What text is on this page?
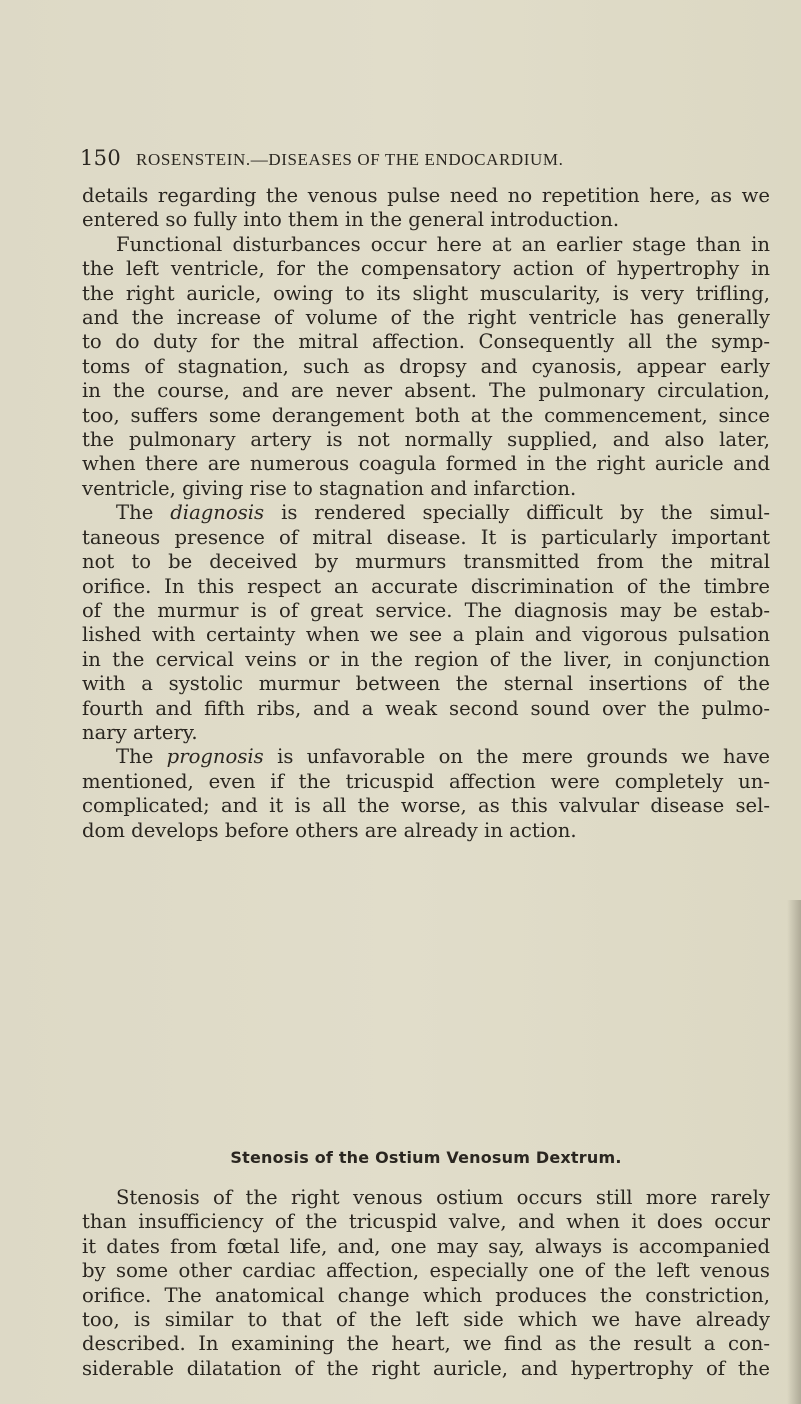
150 ROSENSTEIN.—DISEASES OF THE ENDOCARDIUM.
details regarding the venous pulse need no repetition here, as we
entered so fully into them in the general introduction.
Functional disturbances occur here at an earlier stage than in
the left ventricle, for the compensatory action of hypertrophy in
the right auricle, owing to its slight muscularity, is very trifling,
and the increase of volume of the right ventricle has generally
to do duty for the mitral affection. Consequently all the symp-
toms of stagnation, such as dropsy and cyanosis, appear early
in the course, and are never absent. The pulmonary circulation,
too, suffers some derangement both at the commencement, since
the pulmonary artery is not normally supplied, and also later,
when there are numerous coagula formed in the right auricle and
ventricle, giving rise to stagnation and infarction.
The diagnosis is rendered specially difficult by the simul-
taneous presence of mitral disease. It is particularly important
not to be deceived by murmurs transmitted from the mitral
orifice. In this respect an accurate discrimination of the timbre
of the murmur is of great service. The diagnosis may be estab-
lished with certainty when we see a plain and vigorous pulsation
in the cervical veins or in the region of the liver, in conjunction
with a systolic murmur between the sternal insertions of the
fourth and fifth ribs, and a weak second sound over the pulmo-
nary artery.
The prognosis is unfavorable on the mere grounds we have
mentioned, even if the tricuspid affection were completely un-
complicated; and it is all the worse, as this valvular disease sel-
dom develops before others are already in action.
Stenosis of the Ostium Venosum Dextrum.
Stenosis of the right venous ostium occurs still more rarely
than insufficiency of the tricuspid valve, and when it does occur
it dates from fœtal life, and, one may say, always is accompanied
by some other cardiac affection, especially one of the left venous
orifice. The anatomical change which produces the constriction,
too, is similar to that of the left side which we have already
described. In examining the heart, we find as the result a con-
siderable dilatation of the right auricle, and hypertrophy of the
